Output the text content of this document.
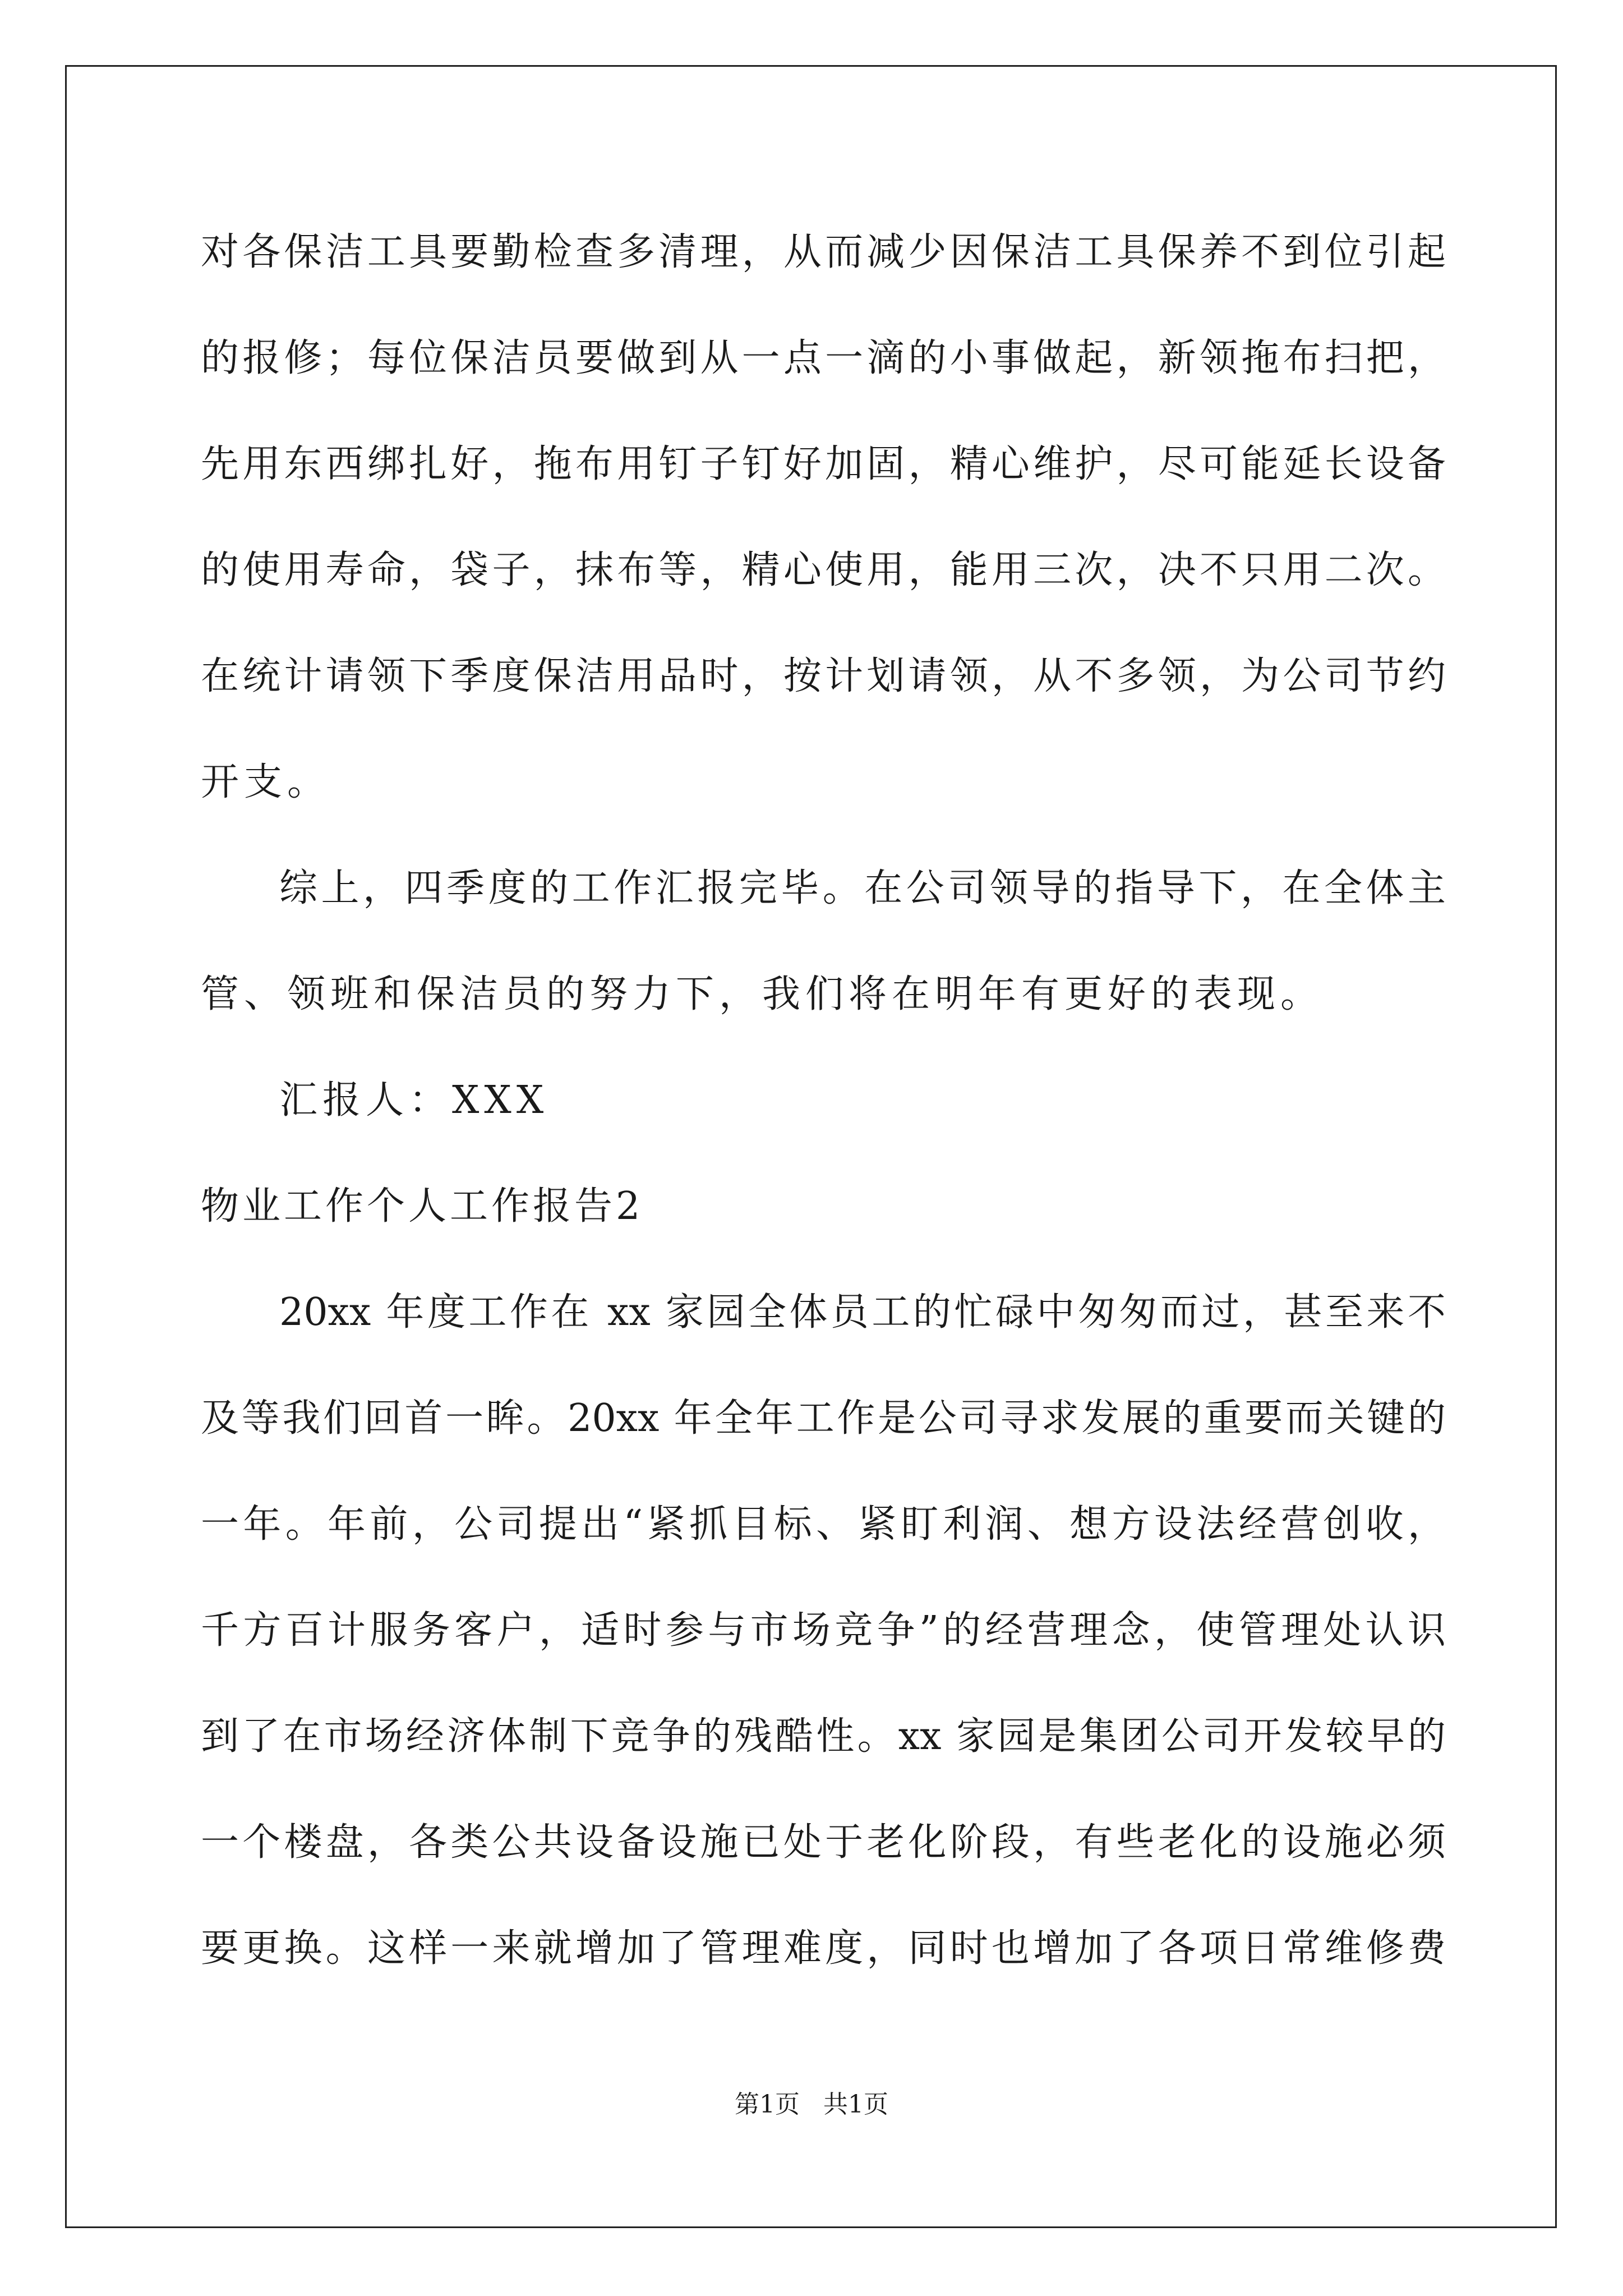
对各保洁工具要勤检查多清理，从而减少因保洁工具保养不到位引起
的报修；每位保洁员要做到从一点一滴的小事做起，新领拖布扫把，
先用东西绑扎好，拖布用钉子钉好加固，精心维护，尽可能延长设备
的使用寿命，袋子，抹布等，精心使用，能用三次，决不只用二次。
在统计请领下季度保洁用品时，按计划请领，从不多领，为公司节约
开支。
综上，四季度的工作汇报完毕。在公司领导的指导下，在全体主
管、领班和保洁员的努力下，我们将在明年有更好的表现。
汇报人：XXX
物业工作个人工作报告2
20xx 年度工作在 xx 家园全体员工的忙碌中匆匆而过，甚至来不
及等我们回首一眸。20xx 年全年工作是公司寻求发展的重要而关键的
一年。年前，公司提出“紧抓目标、紧盯利润、想方设法经营创收，
千方百计服务客户，适时参与市场竞争”的经营理念，使管理处认识
到了在市场经济体制下竞争的残酷性。xx 家园是集团公司开发较早的
一个楼盘，各类公共设备设施已处于老化阶段，有些老化的设施必须
要更换。这样一来就增加了管理难度，同时也增加了各项日常维修费
第1页   共1页
